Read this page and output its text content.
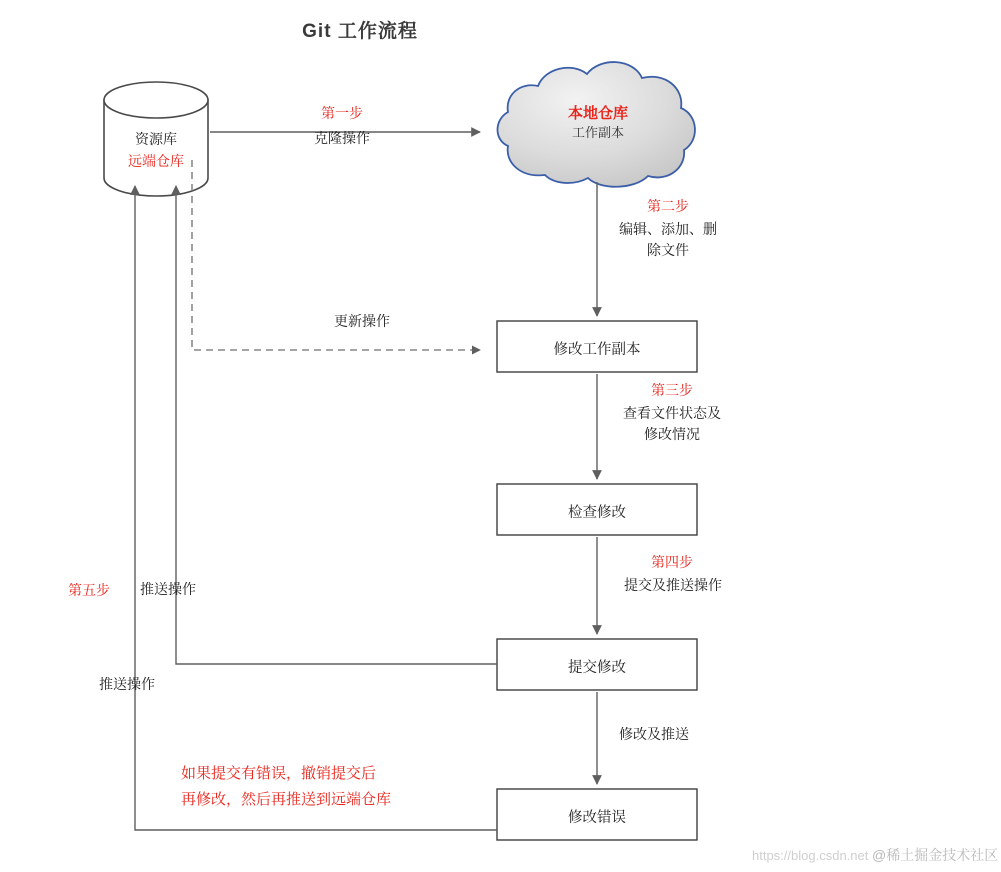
Git 工作流程
资源库
远端仓库
本地仓库
工作副本
修改工作副本
检查修改
提交修改
修改错误
第一步
克隆操作
第二步
编辑、添加、删
除文件
更新操作
第三步
查看文件状态及
修改情况
第四步
提交及推送操作
推送操作
第五步
推送操作
修改及推送
如果提交有错误，撤销提交后
再修改，然后再推送到远端仓库
https://blog.csdn.net @稀土掘金技术社区
